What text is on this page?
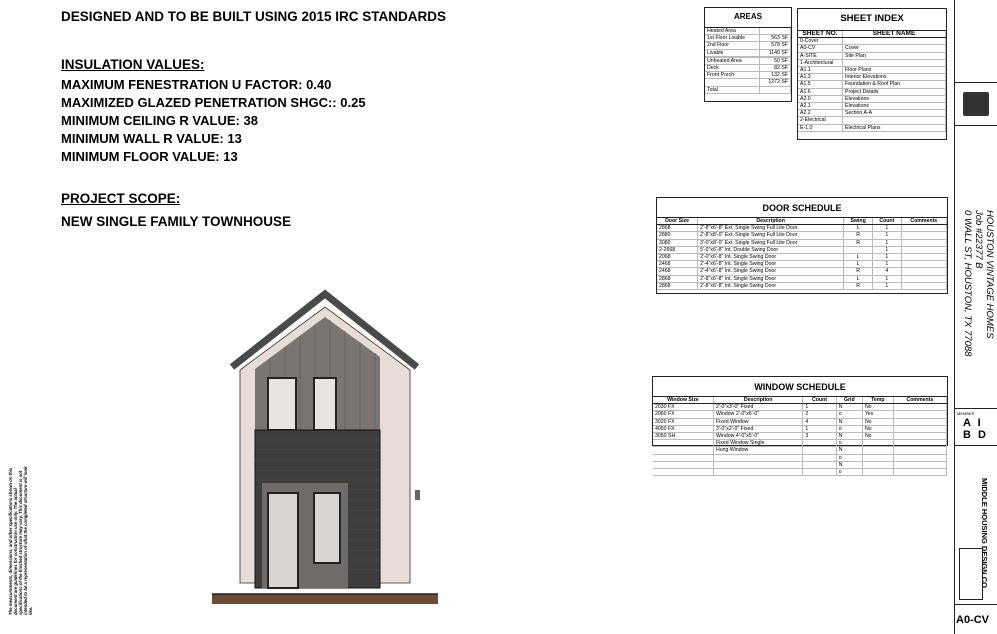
DESIGNED AND TO BE BUILT USING 2015 IRC STANDARDS
INSULATION VALUES:
MAXIMUM FENESTRATION U FACTOR: 0.40
MAXIMIZED GLAZED PENETRATION SHGC:: 0.25
MINIMUM CEILING R VALUE: 38
MINIMUM WALL R VALUE: 13
MINIMUM FLOOR VALUE: 13
PROJECT SCOPE:
NEW SINGLE FAMILY TOWNHOUSE
AREAS
Heated Area	
1st Floor Livable	563 SF
2nd Floor	578 SF
Livable	1140 SF

Unheated Area	50 SF
Deck	82 SF
Front Porch	132 SF
	1272 SF
Total	
SHEET INDEX
SHEET NO.	SHEET NAME
0-Cover	
A0-CV	Cover
A-SITE	Site Plan
1-Architectural	
A1.1	Floor Plans
A1.3	Interior Elevations
A1.5	Foundation & Roof Plan
A1.6	Project Details
A2.0	Elevations
A2.1	Elevations
A2.2	Section A-A
2-Electrical	
E-1.0	Electrical Plans
DOOR SCHEDULE
Door Size	Description	Swing	Count	Comments
2868	2'-8"x6'-8" Ext. Single Swing Full Lite Door	L	1	
2880	2'-8"x8'-0" Ext. Single Swing Full Lite Door	R	1	
3080	3'-0"x8'-0" Ext. Single Swing Full Lite Door	R	1	
2-2668	5'-0"x6'-8" Int. Double Swing Door		1	
2068	2'-0"x6'-8" Int. Single Swing Door	L	1	
2468	2'-4"x6'-8" Int. Single Swing Door	L	1	
2468	2'-4"x6'-8" Int. Single Swing Door	R	4	
2868	2'-8"x6'-8" Int. Single Swing Door	L	1	
2868	2'-8"x6'-8" Int. Single Swing Door	R	1	
WINDOW SCHEDULE
Window Size	Description	Count	Grid	Temp	Comments
2030 FX	2'-0"x3'-0" Fixed	1	N	No	
2060 FX	Window 2'-0"x6'-0"	2	o	Yes	
3020 FX	Fixed Window	4	N	No	
4050 FX	3'-0"x2'-0" Fixed	1	o	No	
3050 SH	Window 4'-0"x5'-0"	3	N	No	
	Fixed Window Single		o		
	Hung Window		N		
			o		
			N		
			o		
The measurements, dimensions, and other specifications shown on this document are guidelines for construction use only. The actual specifications of the finished structure may vary. This document is not intended to be a representation of what the completed structure will look like.
HOUSTON VINTAGE HOMES
Job #22377 B
0 WALL ST, HOUSTON, TX 77088
MEMBER
A I
B D
MIDDLE HOUSING DESIGN CO
A0-CV
